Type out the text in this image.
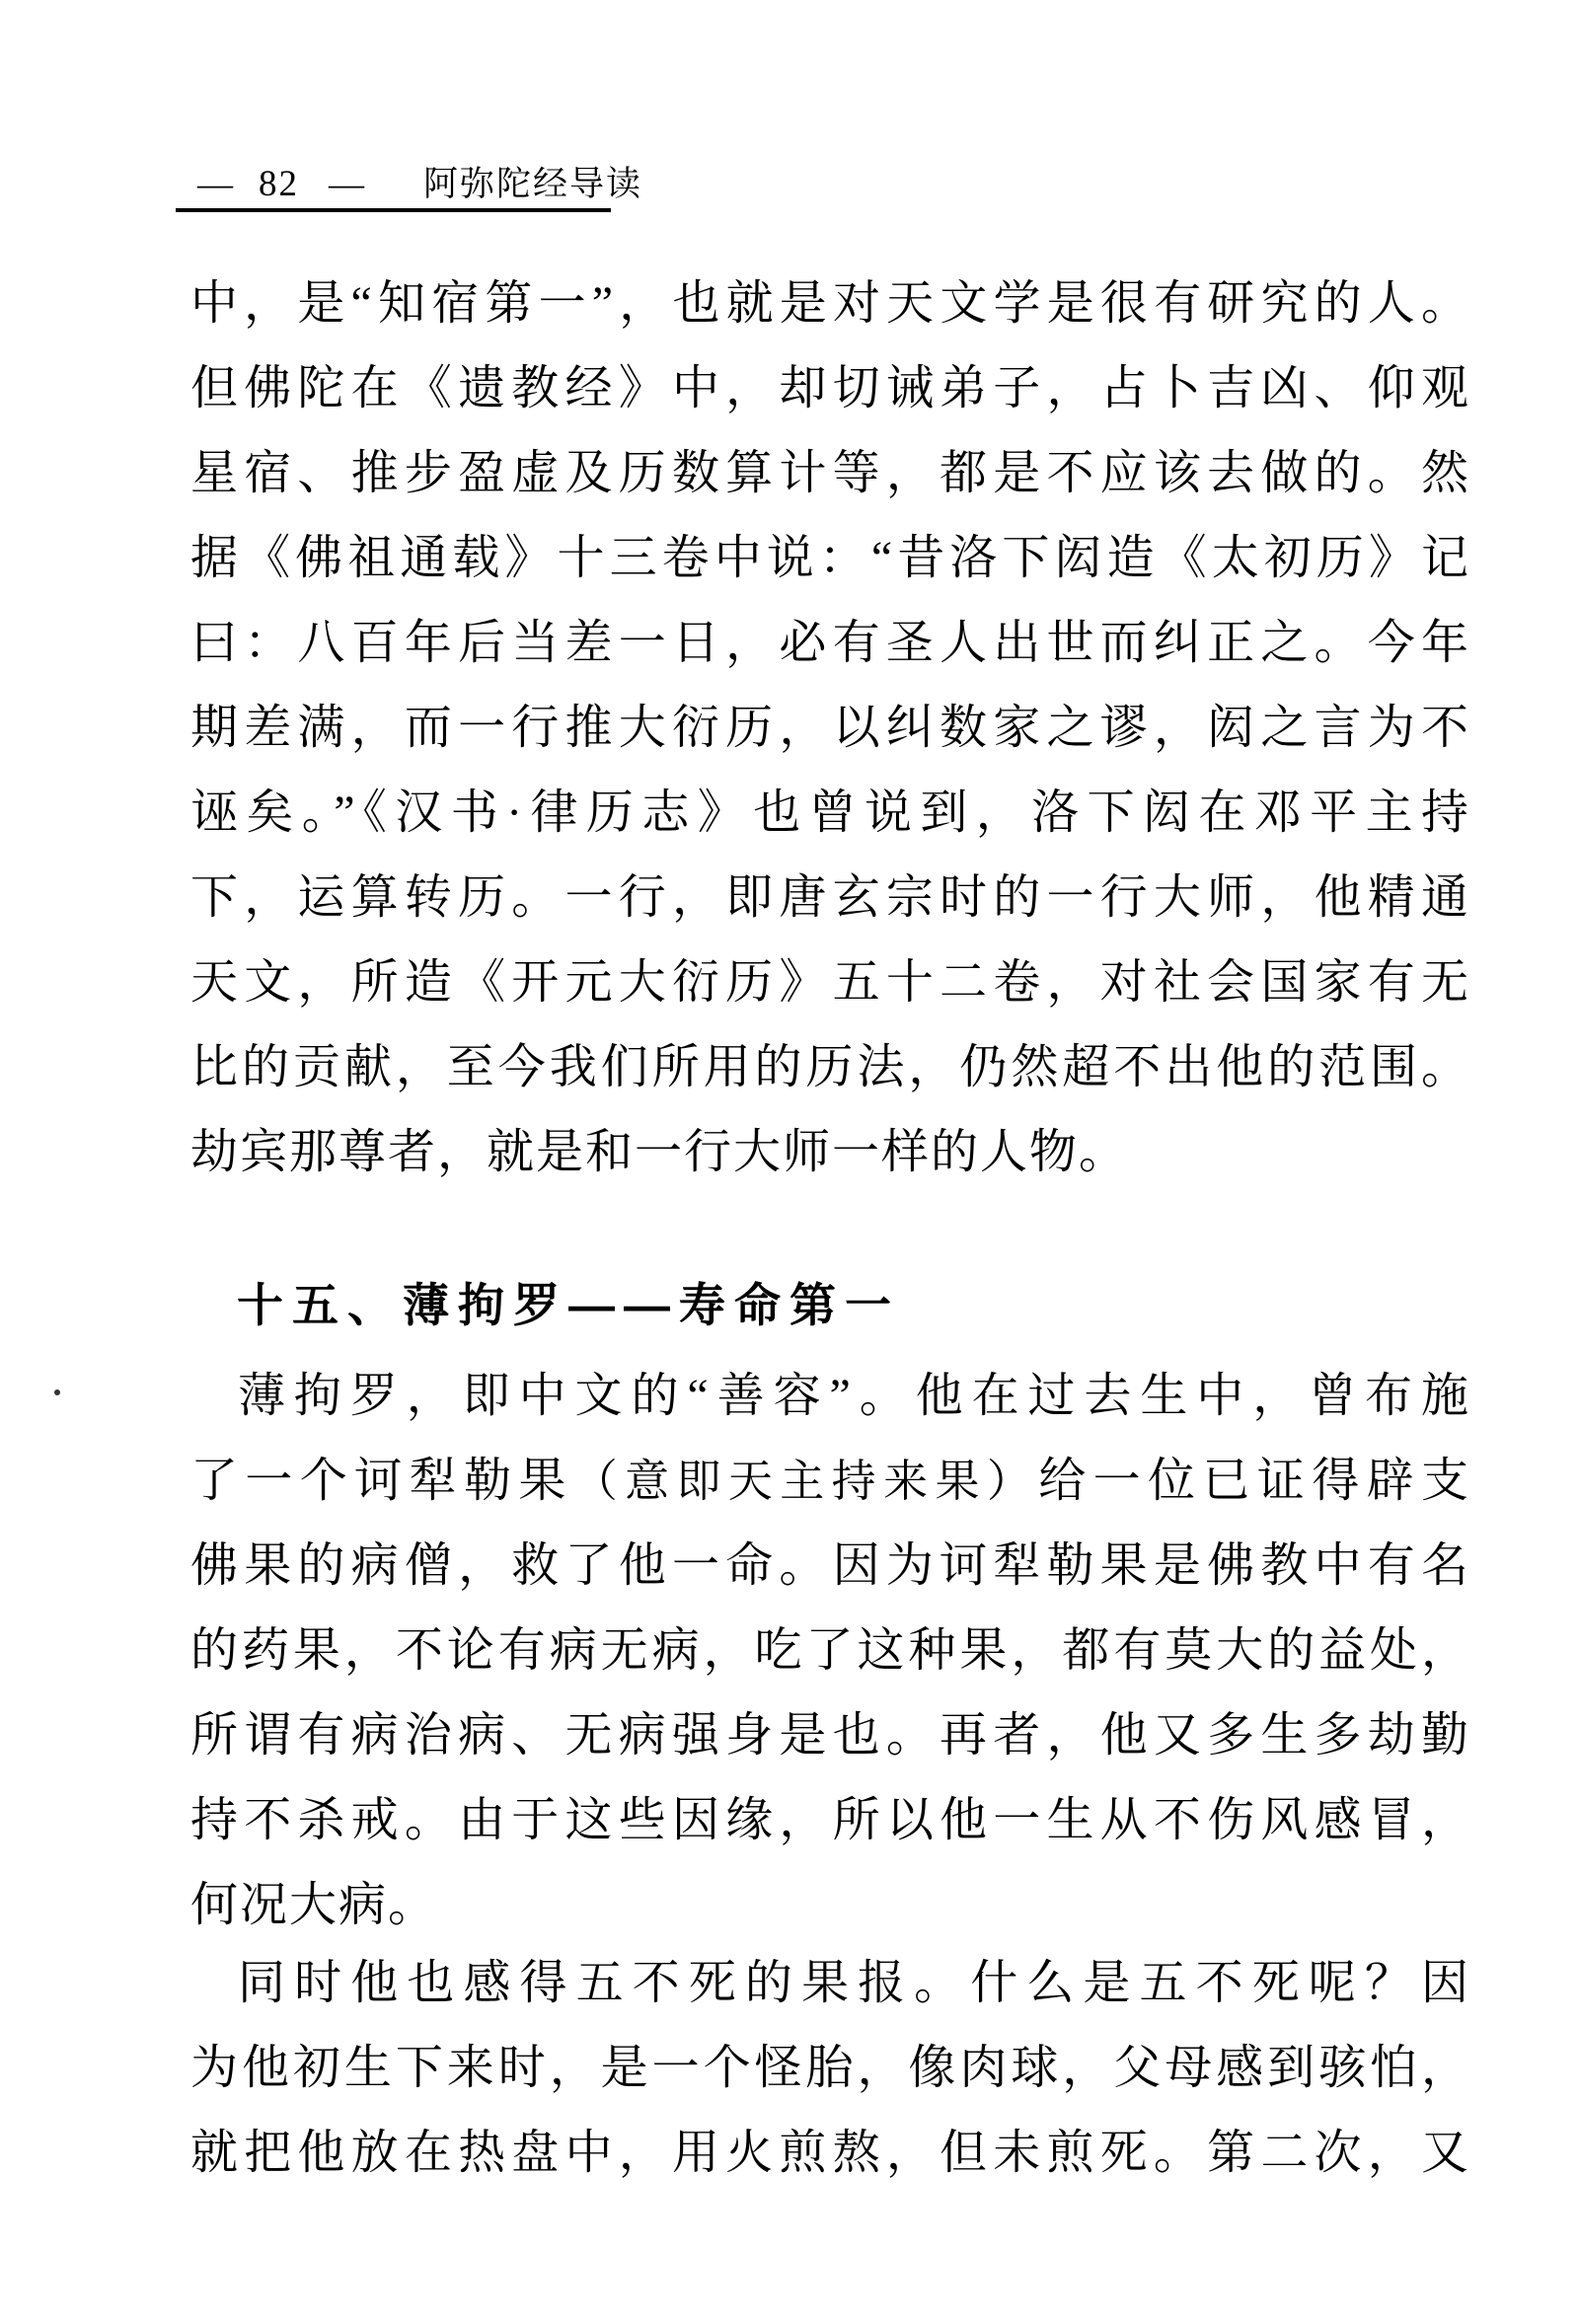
— 82 — 阿弥陀经导读
中，是“知宿第一”，也就是对天文学是很有研究的人。
但佛陀在《遗教经》中，却切诫弟子，占卜吉凶、仰观
星宿、推步盈虚及历数算计等，都是不应该去做的。然
据《佛祖通载》十三卷中说：“昔洛下闳造《太初历》记
曰：八百年后当差一日，必有圣人出世而纠正之。今年
期差满，而一行推大衍历，以纠数家之谬，闳之言为不
诬矣。”《汉书·律历志》也曾说到，洛下闳在邓平主持
下，运算转历。一行，即唐玄宗时的一行大师，他精通
天文，所造《开元大衍历》五十二卷，对社会国家有无
比的贡献，至今我们所用的历法，仍然超不出他的范围。
劫宾那尊者，就是和一行大师一样的人物。
十五、薄拘罗——寿命第一
薄拘罗，即中文的“善容”。他在过去生中，曾布施
了一个诃犁勒果（意即天主持来果）给一位已证得辟支
佛果的病僧，救了他一命。因为诃犁勒果是佛教中有名
的药果，不论有病无病，吃了这种果，都有莫大的益处，
所谓有病治病、无病强身是也。再者，他又多生多劫勤
持不杀戒。由于这些因缘，所以他一生从不伤风感冒，
何况大病。
同时他也感得五不死的果报。什么是五不死呢？因
为他初生下来时，是一个怪胎，像肉球，父母感到骇怕，
就把他放在热盘中，用火煎熬，但未煎死。第二次，又
